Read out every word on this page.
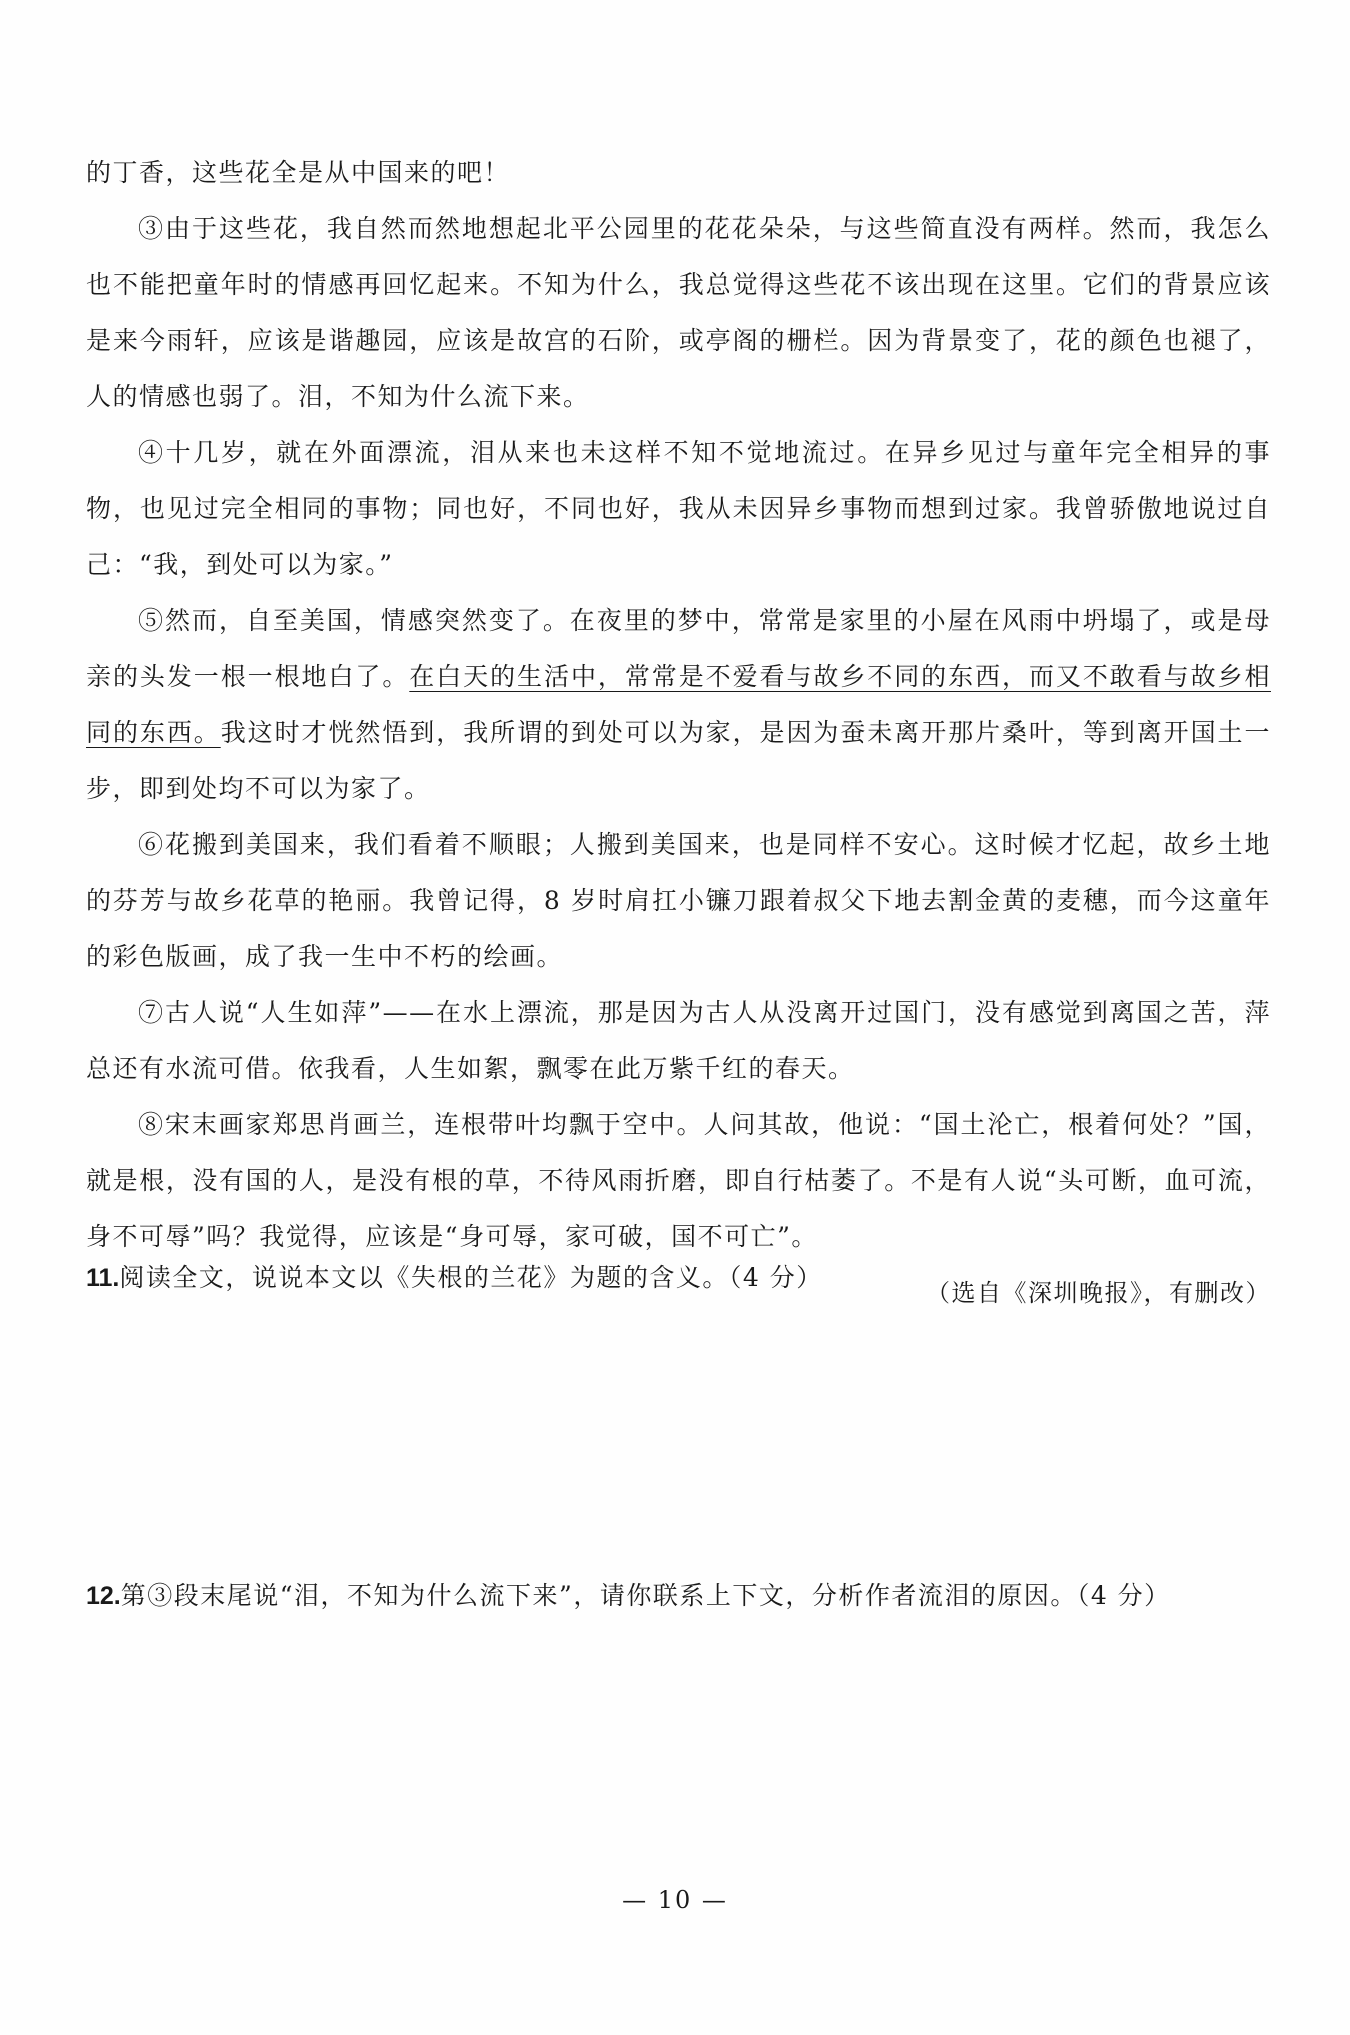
的丁香，这些花全是从中国来的吧！

③由于这些花，我自然而然地想起北平公园里的花花朵朵，与这些简直没有两样。然而，我怎么也不能把童年时的情感再回忆起来。不知为什么，我总觉得这些花不该出现在这里。它们的背景应该是来今雨轩，应该是谐趣园，应该是故宫的石阶，或亭阁的栅栏。因为背景变了，花的颜色也褪了，人的情感也弱了。泪，不知为什么流下来。

④十几岁，就在外面漂流，泪从来也未这样不知不觉地流过。在异乡见过与童年完全相异的事物，也见过完全相同的事物；同也好，不同也好，我从未因异乡事物而想到过家。我曾骄傲地说过自己：“我，到处可以为家。”

⑤然而，自至美国，情感突然变了。在夜里的梦中，常常是家里的小屋在风雨中坍塌了，或是母亲的头发一根一根地白了。在白天的生活中，常常是不爱看与故乡不同的东西，而又不敢看与故乡相同的东西。我这时才恍然悟到，我所谓的到处可以为家，是因为蚕未离开那片桑叶，等到离开国土一步，即到处均不可以为家了。

⑥花搬到美国来，我们看着不顺眼；人搬到美国来，也是同样不安心。这时候才忆起，故乡土地的芬芳与故乡花草的艳丽。我曾记得，8 岁时肩扛小镰刀跟着叔父下地去割金黄的麦穗，而今这童年的彩色版画，成了我一生中不朽的绘画。

⑦古人说“人生如萍”——在水上漂流，那是因为古人从没离开过国门，没有感觉到离国之苦，萍总还有水流可借。依我看，人生如絮，飘零在此万紫千红的春天。

⑧宋末画家郑思肖画兰，连根带叶均飘于空中。人问其故，他说：“国土沦亡，根着何处？”国，就是根，没有国的人，是没有根的草，不待风雨折磨，即自行枯萎了。不是有人说“头可断，血可流，身不可辱”吗？我觉得，应该是“身可辱，家可破，国不可亡”。

（选自《深圳晚报》，有删改）

11.阅读全文，说说本文以《失根的兰花》为题的含义。（4 分）

12.第③段末尾说“泪，不知为什么流下来”，请你联系上下文，分析作者流泪的原因。（4 分）

— 10 —
